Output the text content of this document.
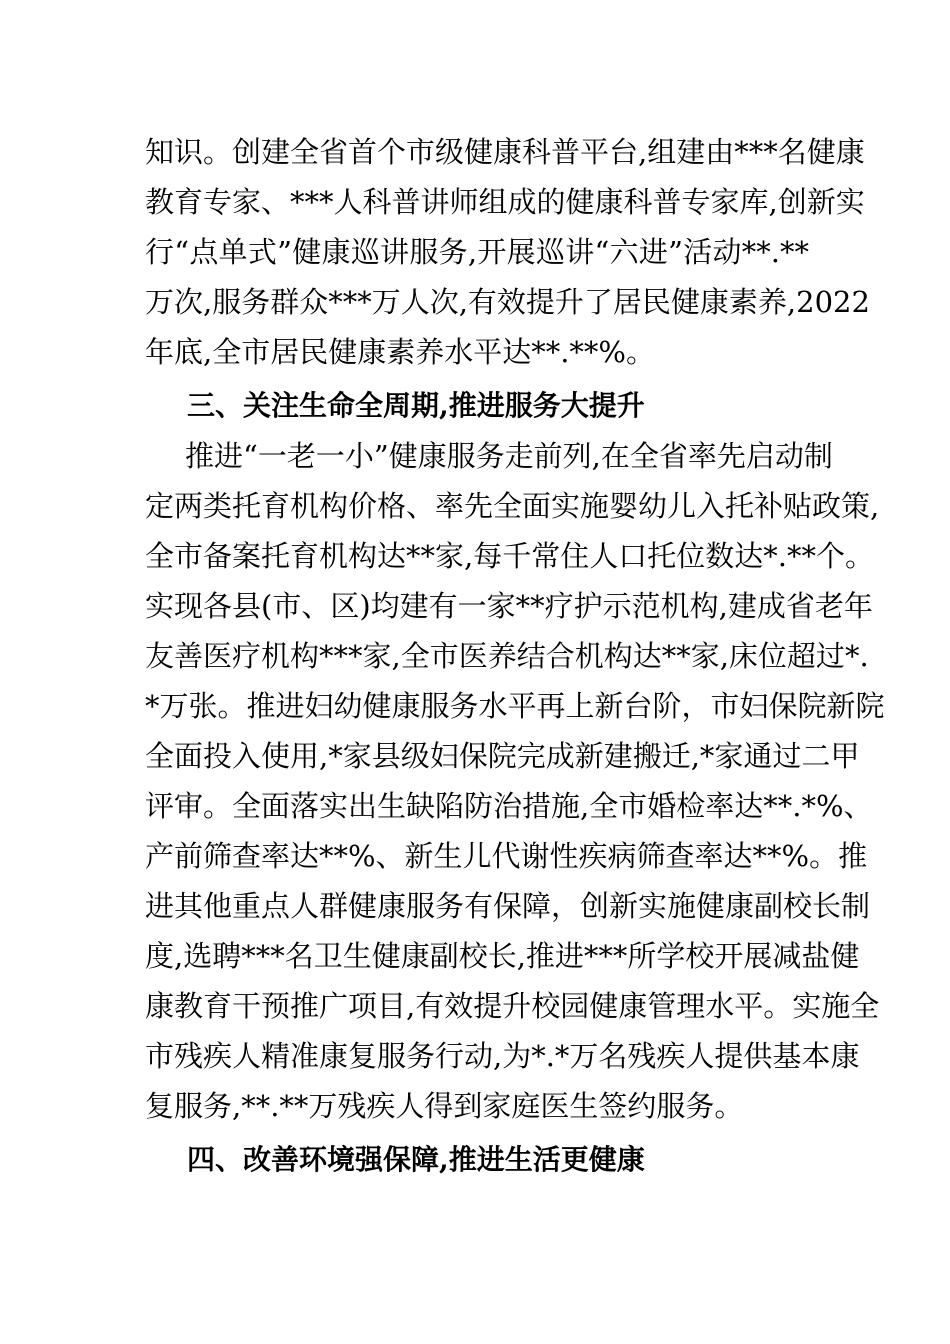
知识。创建全省首个市级健康科普平台,组建由***名健康
教育专家、***人科普讲师组成的健康科普专家库,创新实
行“点单式”健康巡讲服务,开展巡讲“六进”活动**.**
万次,服务群众***万人次,有效提升了居民健康素养,2022
年底,全市居民健康素养水平达**.**%。
三、关注生命全周期,推进服务大提升
推进“一老一小”健康服务走前列,在全省率先启动制
定两类托育机构价格、率先全面实施婴幼儿入托补贴政策,
全市备案托育机构达**家,每千常住人口托位数达*.**个。
实现各县(市、区)均建有一家**疗护示范机构,建成省老年
友善医疗机构***家,全市医养结合机构达**家,床位超过*.
*万张。推进妇幼健康服务水平再上新台阶，市妇保院新院
全面投入使用,*家县级妇保院完成新建搬迁,*家通过二甲
评审。全面落实出生缺陷防治措施,全市婚检率达**.*%、
产前筛查率达**%、新生儿代谢性疾病筛查率达**%。推
进其他重点人群健康服务有保障，创新实施健康副校长制
度,选聘***名卫生健康副校长,推进***所学校开展减盐健
康教育干预推广项目,有效提升校园健康管理水平。实施全
市残疾人精准康复服务行动,为*.*万名残疾人提供基本康
复服务,**.**万残疾人得到家庭医生签约服务。
四、改善环境强保障,推进生活更健康
